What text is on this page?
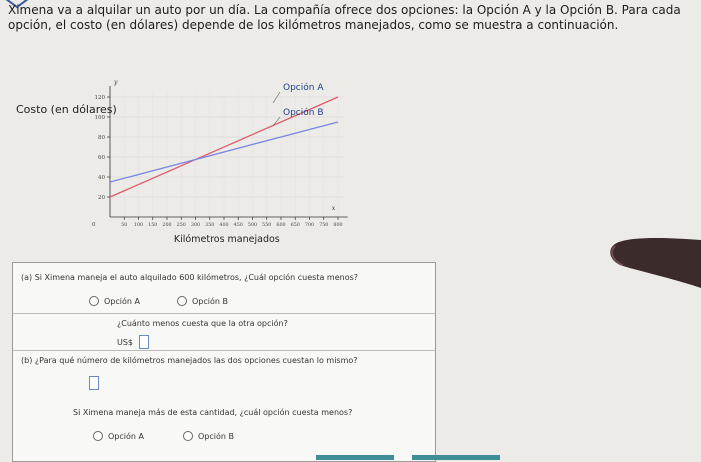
Ximena va a alquilar un auto por un día. La compañía ofrece dos opciones: la Opción A y la Opción B. Para cada opción, el costo (en dólares) depende de los kilómetros manejados, como se muestra a continuación.
20
40
60
80
100
120
50 100 150 200 250 300 350 400 450 500 550 600 650 700 750 800
0
x
y
Opción A
Opción B
Kilómetros manejados
Costo (en dólares)
(a) Si Ximena maneja el auto alquilado 600 kilómetros, ¿Cuál opción cuesta menos?
Opción A	Opción B
¿Cuánto menos cuesta que la otra opción?
US$
(b) ¿Para qué número de kilómetros manejados las dos opciones cuestan lo mismo?
Si Ximena maneja más de esta cantidad, ¿cuál opción cuesta menos?
Opción A	Opción B
